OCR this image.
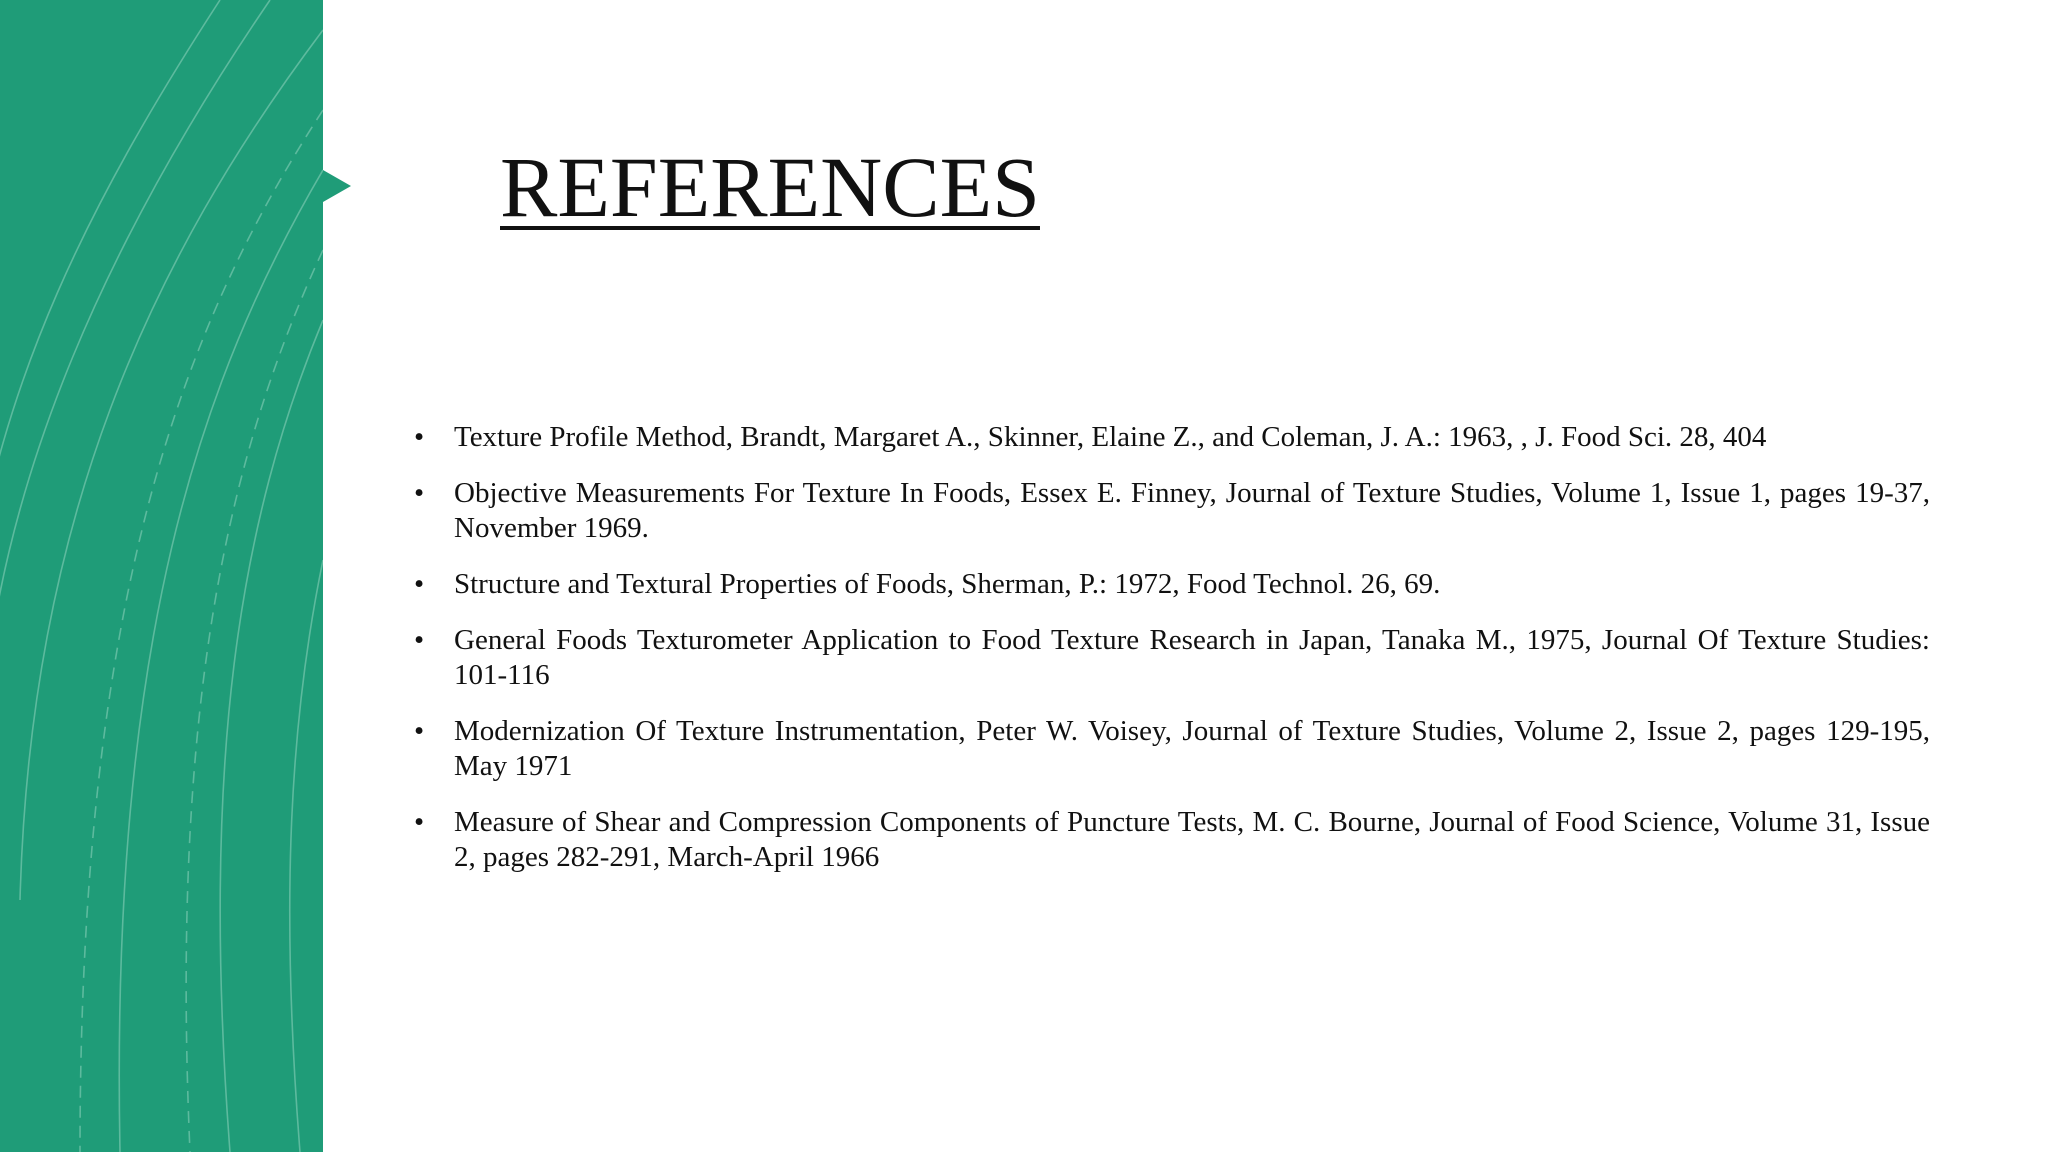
REFERENCES
•	Texture Profile Method, Brandt, Margaret A., Skinner, Elaine Z., and Coleman, J. A.: 1963, , J. Food Sci. 28, 404
•	Objective Measurements For Texture In Foods, Essex E. Finney, Journal of Texture Studies, Volume 1, Issue 1, pages 19-37, November 1969.
•	Structure and Textural Properties of Foods, Sherman, P.: 1972, Food Technol. 26, 69.
•	General Foods Texturometer Application to Food Texture Research in Japan, Tanaka M., 1975, Journal Of Texture Studies: 101-116
•	Modernization Of Texture Instrumentation, Peter W. Voisey, Journal of Texture Studies, Volume 2, Issue 2, pages 129-195, May 1971
•	Measure of Shear and Compression Components of Puncture Tests, M. C. Bourne, Journal of Food Science, Volume 31, Issue 2, pages 282-291, March-April 1966
